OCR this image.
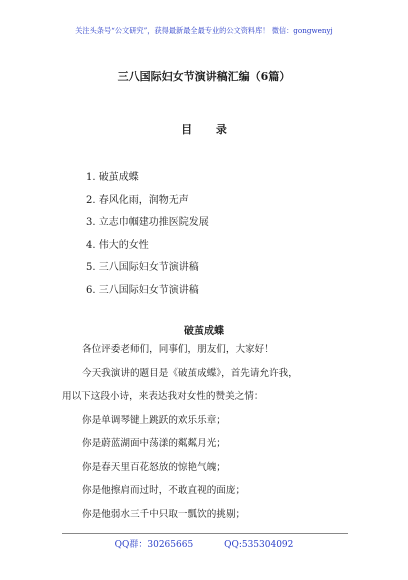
关注头条号“公文研究”，获得最新最全最专业的公文资料库！ 微信：gongwenyj
三八国际妇女节演讲稿汇编（6篇）
目 录
1. 破茧成蝶
2. 春风化雨，润物无声
3. 立志巾帼建功推医院发展
4. 伟大的女性
5. 三八国际妇女节演讲稿
6. 三八国际妇女节演讲稿
破茧成蝶
各位评委老师们，同事们，朋友们，大家好！
今天我演讲的题目是《破茧成蝶》，首先请允许我，
用以下这段小诗，来表达我对女性的赞美之情：
你是单调琴键上跳跃的欢乐乐章；
你是蔚蓝湖面中荡漾的粼粼月光；
你是春天里百花怒放的惊艳气魄；
你是他擦肩而过时，不敢直视的面庞；
你是他弱水三千中只取一瓢饮的挑剔；
QQ群：30265665	QQ:535304092
